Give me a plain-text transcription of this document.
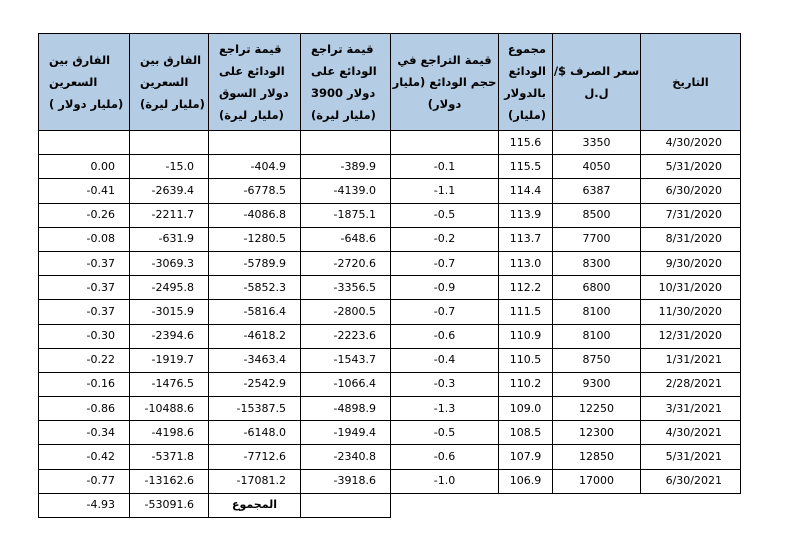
الفارق بين السعرين (مليار دولار )	الفارق بين السعرين (مليار ليرة)	قيمة تراجع الودائع على دولار السوق (مليار ليرة)	قيمة تراجع الودائع على دولار 3900 (مليار ليرة)	قيمة التراجع في حجم الودائع (مليار دولار)	مجموع الودائع بالدولار (مليار)	سعر الصرف $/ل.ل	التاريخ

					115.6	3350	4/30/2020
0.00	-15.0	-404.9	-389.9	-0.1	115.5	4050	5/31/2020
-0.41	-2639.4	-6778.5	-4139.0	-1.1	114.4	6387	6/30/2020
-0.26	-2211.7	-4086.8	-1875.1	-0.5	113.9	8500	7/31/2020
-0.08	-631.9	-1280.5	-648.6	-0.2	113.7	7700	8/31/2020
-0.37	-3069.3	-5789.9	-2720.6	-0.7	113.0	8300	9/30/2020
-0.37	-2495.8	-5852.3	-3356.5	-0.9	112.2	6800	10/31/2020
-0.37	-3015.9	-5816.4	-2800.5	-0.7	111.5	8100	11/30/2020
-0.30	-2394.6	-4618.2	-2223.6	-0.6	110.9	8100	12/31/2020
-0.22	-1919.7	-3463.4	-1543.7	-0.4	110.5	8750	1/31/2021
-0.16	-1476.5	-2542.9	-1066.4	-0.3	110.2	9300	2/28/2021
-0.86	-10488.6	-15387.5	-4898.9	-1.3	109.0	12250	3/31/2021
-0.34	-4198.6	-6148.0	-1949.4	-0.5	108.5	12300	4/30/2021
-0.42	-5371.8	-7712.6	-2340.8	-0.6	107.9	12850	5/31/2021
-0.77	-13162.6	-17081.2	-3918.6	-1.0	106.9	17000	6/30/2021
-4.93	-53091.6	المجموع					
